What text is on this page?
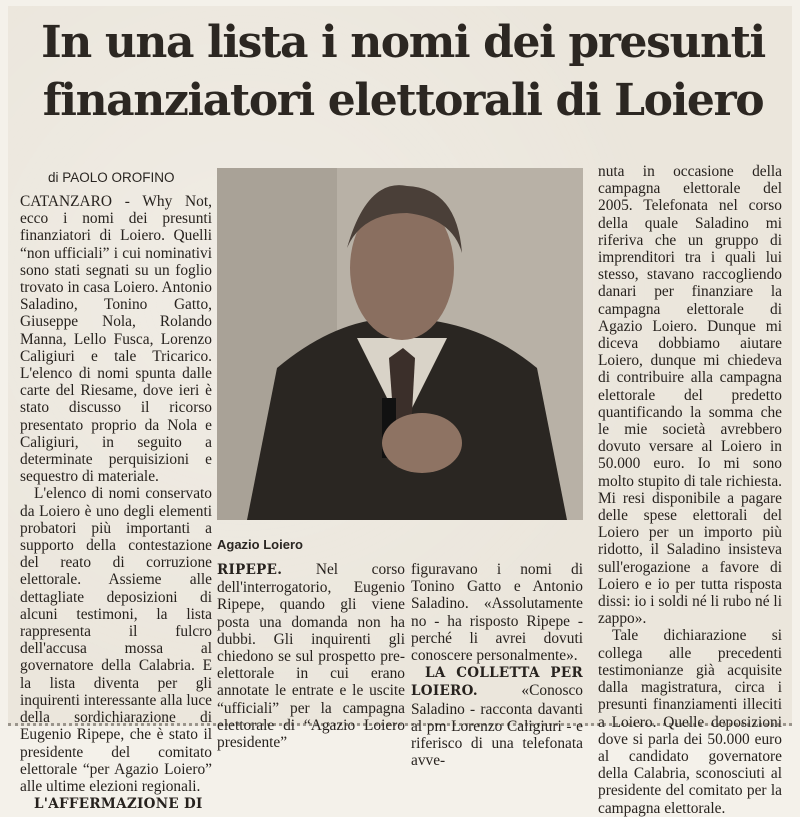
In una lista i nomi dei presunti
finanziatori elettorali di Loiero
di PAOLO OROFINO

CATANZARO - Why Not, ecco i nomi dei presunti finanziatori di Loiero. Quelli “non ufficiali” i cui nominativi sono stati segnati su un foglio trovato in casa Loiero. Antonio Saladino, Tonino Gatto, Giuseppe Nola, Rolando Manna, Lello Fusca, Lorenzo Caligiuri e tale Tricarico. L'elenco di nomi spunta dalle carte del Riesame, dove ieri è stato discusso il ricorso presentato proprio da Nola e Caligiuri, in seguito a determinate perquisizioni e sequestro di materiale.

L'elenco di nomi conservato da Loiero è uno degli elementi probatori più importanti a supporto della contestazione del reato di corruzione elettorale. Assieme alle dettagliate deposizioni di alcuni testimoni, la lista rappresenta il fulcro dell'accusa mossa al governatore della Calabria. E la lista diventa per gli inquirenti interessante alla luce della sordichiarazione di Eugenio Ripepe, che è stato il presidente del comitato elettorale “per Agazio Loiero” alle ultime elezioni regionali.

L'AFFERMAZIONE DI

Agazio Loiero

RIPEPE. Nel corso dell'interrogatorio, Eugenio Ripepe, quando gli viene posta una domanda non ha dubbi. Gli inquirenti gli chiedono se sul prospetto pre-elettorale in cui erano annotate le entrate e le uscite “ufficiali” per la campagna elettorale di “Agazio Loiero presidente”

figuravano i nomi di Tonino Gatto e Antonio Saladino. «Assolutamente no - ha risposto Ripepe - perché li avrei dovuti conoscere personalmente».

LA COLLETTA PER LOIERO.	«Conosco Saladino - racconta davanti al pm Lorenzo Caligiuri - e riferisco di una telefonata avve-

nuta in occasione della campagna elettorale del 2005. Telefonata nel corso della quale Saladino mi riferiva che un gruppo di imprenditori tra i quali lui stesso, stavano raccogliendo danari per finanziare la campagna elettorale di Agazio Loiero. Dunque mi diceva dobbiamo aiutare Loiero, dunque mi chiedeva di contribuire alla campagna elettorale del predetto quantificando la somma che le mie società avrebbero dovuto versare al Loiero in 50.000 euro. Io mi sono molto stupito di tale richiesta. Mi resi disponibile a pagare delle spese elettorali del Loiero per un importo più ridotto, il Saladino insisteva sull'erogazione a favore di Loiero e io per tutta risposta dissi: io i soldi né li rubo né li zappo».

Tale dichiarazione si collega alle precedenti testimonianze già acquisite dalla magistratura, circa i presunti finanziamenti illeciti a Loiero. Quelle deposizioni dove si parla dei 50.000 euro al candidato governatore della Calabria, sconosciuti al presidente del comitato per la campagna elettorale.
